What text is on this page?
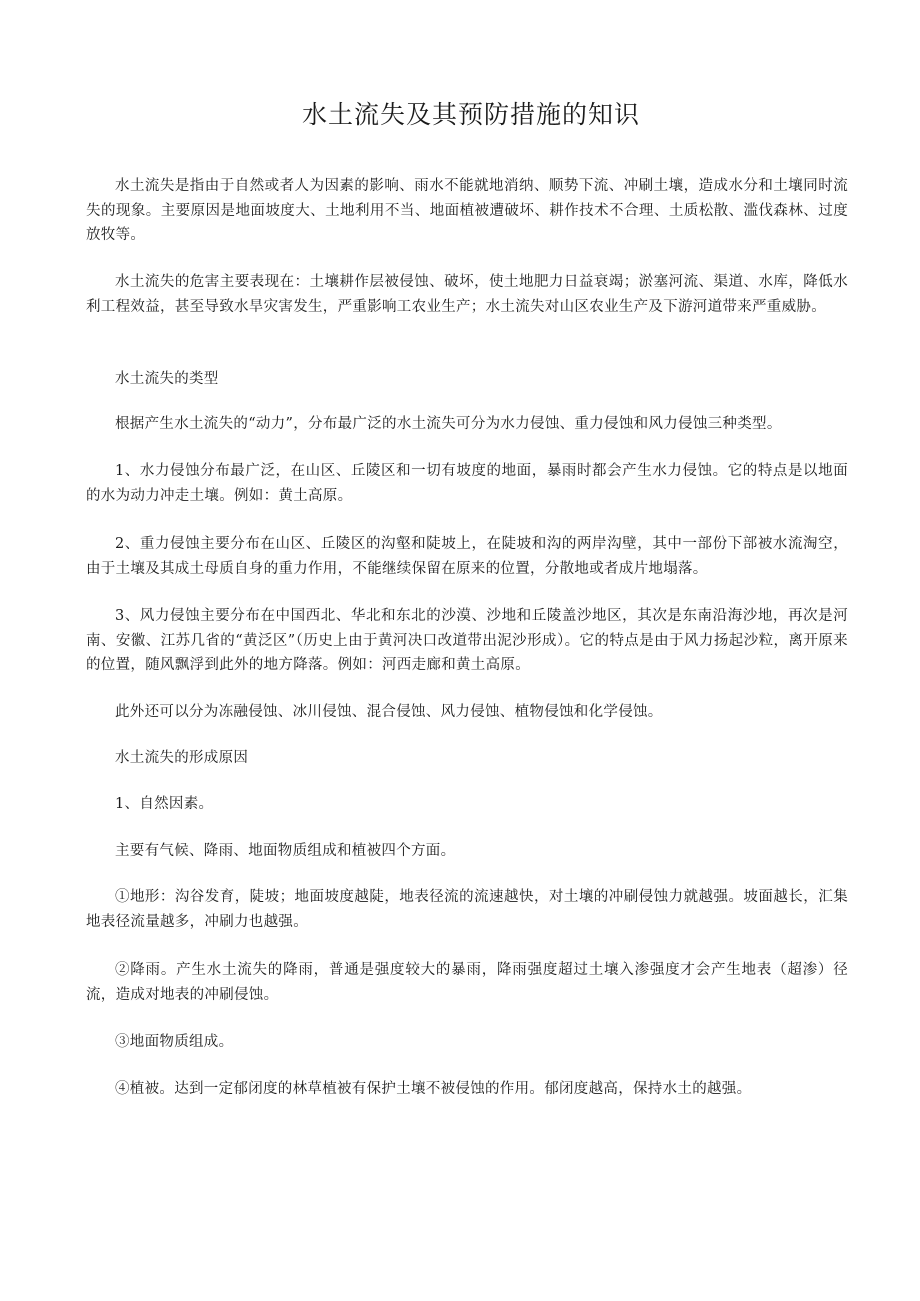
水土流失及其预防措施的知识

水土流失是指由于自然或者人为因素的影响、雨水不能就地消纳、顺势下流、冲刷土壤，造成水分和土壤同时流失的现象。主要原因是地面坡度大、土地利用不当、地面植被遭破坏、耕作技术不合理、土质松散、滥伐森林、过度放牧等。

水土流失的危害主要表现在：土壤耕作层被侵蚀、破坏，使土地肥力日益衰竭；淤塞河流、渠道、水库，降低水利工程效益，甚至导致水旱灾害发生，严重影响工农业生产；水土流失对山区农业生产及下游河道带来严重威胁。

水土流失的类型

根据产生水土流失的“动力”，分布最广泛的水土流失可分为水力侵蚀、重力侵蚀和风力侵蚀三种类型。

1、水力侵蚀分布最广泛，在山区、丘陵区和一切有坡度的地面，暴雨时都会产生水力侵蚀。它的特点是以地面的水为动力冲走土壤。例如：黄土高原。

2、重力侵蚀主要分布在山区、丘陵区的沟壑和陡坡上，在陡坡和沟的两岸沟壁，其中一部份下部被水流淘空，由于土壤及其成土母质自身的重力作用，不能继续保留在原来的位置，分散地或者成片地塌落。

3、风力侵蚀主要分布在中国西北、华北和东北的沙漠、沙地和丘陵盖沙地区，其次是东南沿海沙地，再次是河南、安徽、江苏几省的“黄泛区”（历史上由于黄河决口改道带出泥沙形成）。它的特点是由于风力扬起沙粒，离开原来的位置，随风飘浮到此外的地方降落。例如：河西走廊和黄土高原。

此外还可以分为冻融侵蚀、冰川侵蚀、混合侵蚀、风力侵蚀、植物侵蚀和化学侵蚀。

水土流失的形成原因

1、自然因素。

主要有气候、降雨、地面物质组成和植被四个方面。

①地形：沟谷发育，陡坡；地面坡度越陡，地表径流的流速越快，对土壤的冲刷侵蚀力就越强。坡面越长，汇集地表径流量越多，冲刷力也越强。

②降雨。产生水土流失的降雨，普通是强度较大的暴雨，降雨强度超过土壤入渗强度才会产生地表（超渗）径流，造成对地表的冲刷侵蚀。

③地面物质组成。

④植被。达到一定郁闭度的林草植被有保护土壤不被侵蚀的作用。郁闭度越高，保持水土的越强。
